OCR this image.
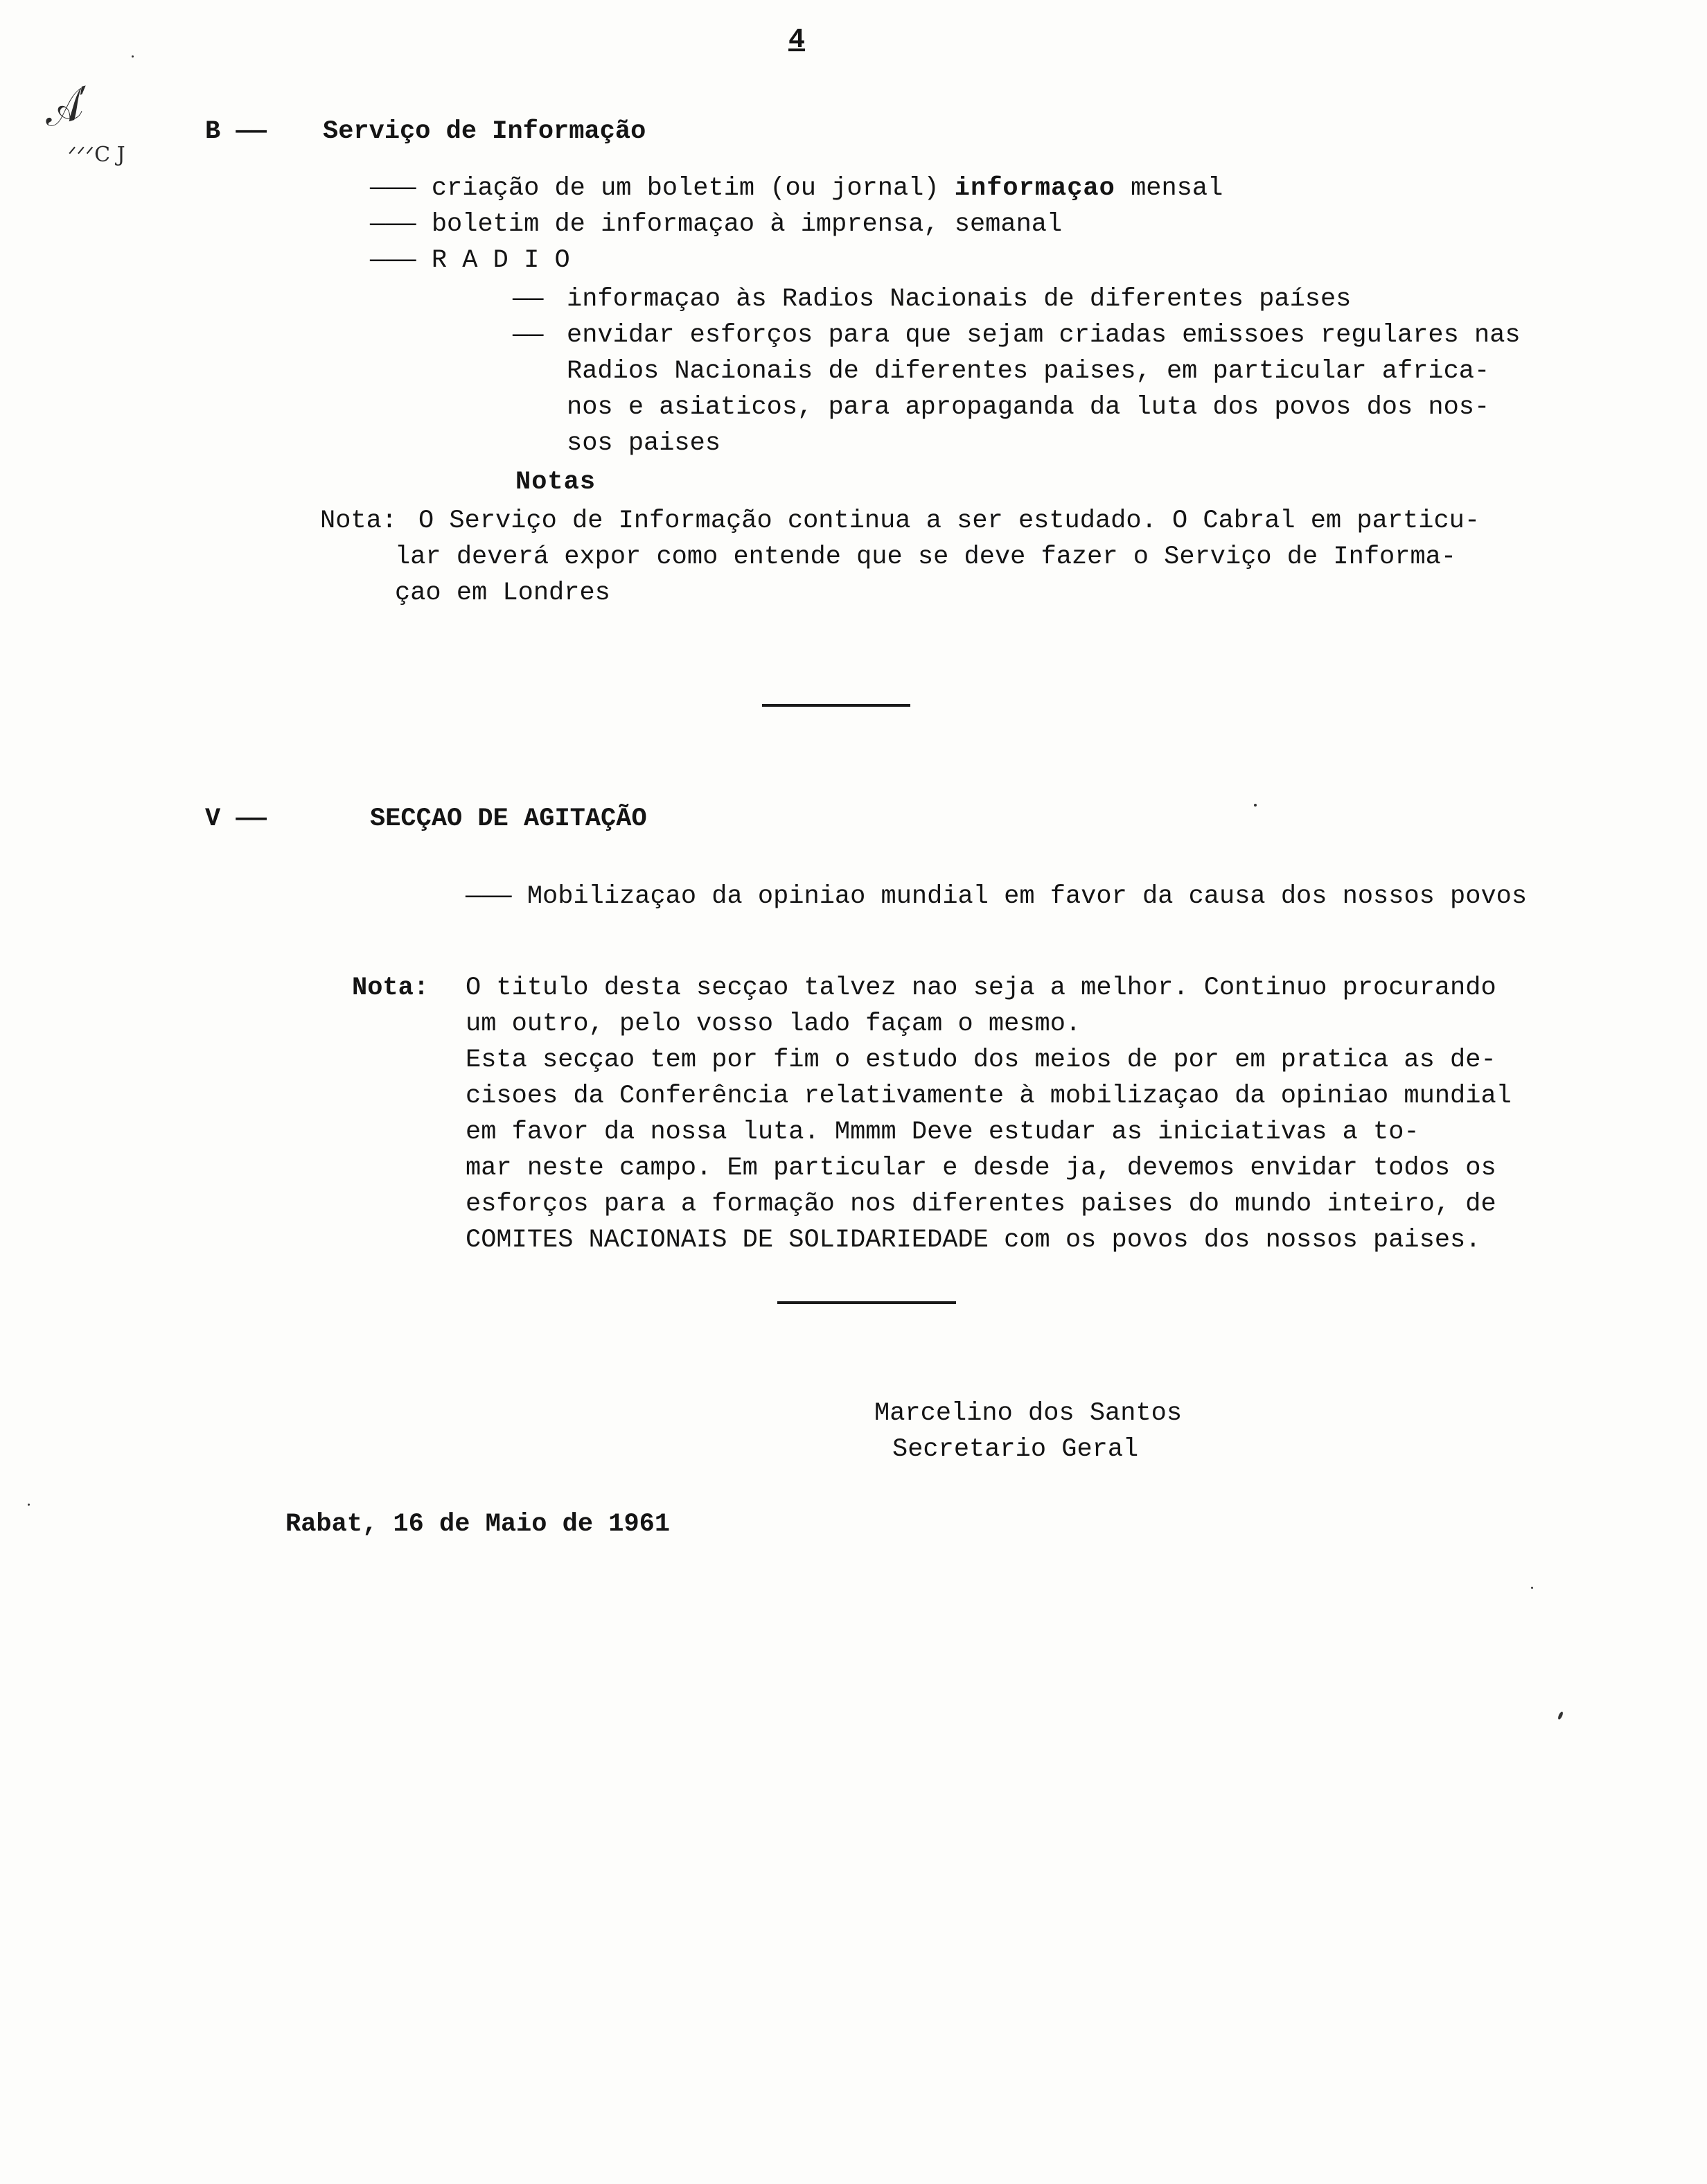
4
𝒜′
ᐟᐟᐟC J
B —— Serviço de Informação
——— criação de um boletim (ou jornal) informaçao mensal
——— boletim de informaçao à imprensa, semanal
——— R A D I O
—— informaçao às Radios Nacionais de diferentes países
—— envidar esforços para que sejam criadas emissoes regulares nas
Radios Nacionais de diferentes paises, em particular africa-
nos e asiaticos, para apropaganda da luta dos povos dos nos-
sos paises
Notas
Nota: O Serviço de Informação continua a ser estudado. O Cabral em particu-
lar deverá expor como entende que se deve fazer o Serviço de Informa-
çao em Londres
V ——	SECÇAO DE AGITAÇÃO
——— Mobilizaçao da opiniao mundial em favor da causa dos nossos povos
Nota: O titulo desta secçao talvez nao seja a melhor. Continuo procurando
um outro, pelo vosso lado façam o mesmo.
Esta secçao tem por fim o estudo dos meios de por em pratica as de-
cisoes da Conferência relativamente à mobilizaçao da opiniao mundial
em favor da nossa luta. Mmmm Deve estudar as iniciativas a to-
mar neste campo. Em particular e desde ja, devemos envidar todos os
esforços para a formação nos diferentes paises do mundo inteiro, de
COMITES NACIONAIS DE SOLIDARIEDADE com os povos dos nossos paises.
Marcelino dos Santos
Secretario Geral
Rabat, 16 de Maio de 1961
